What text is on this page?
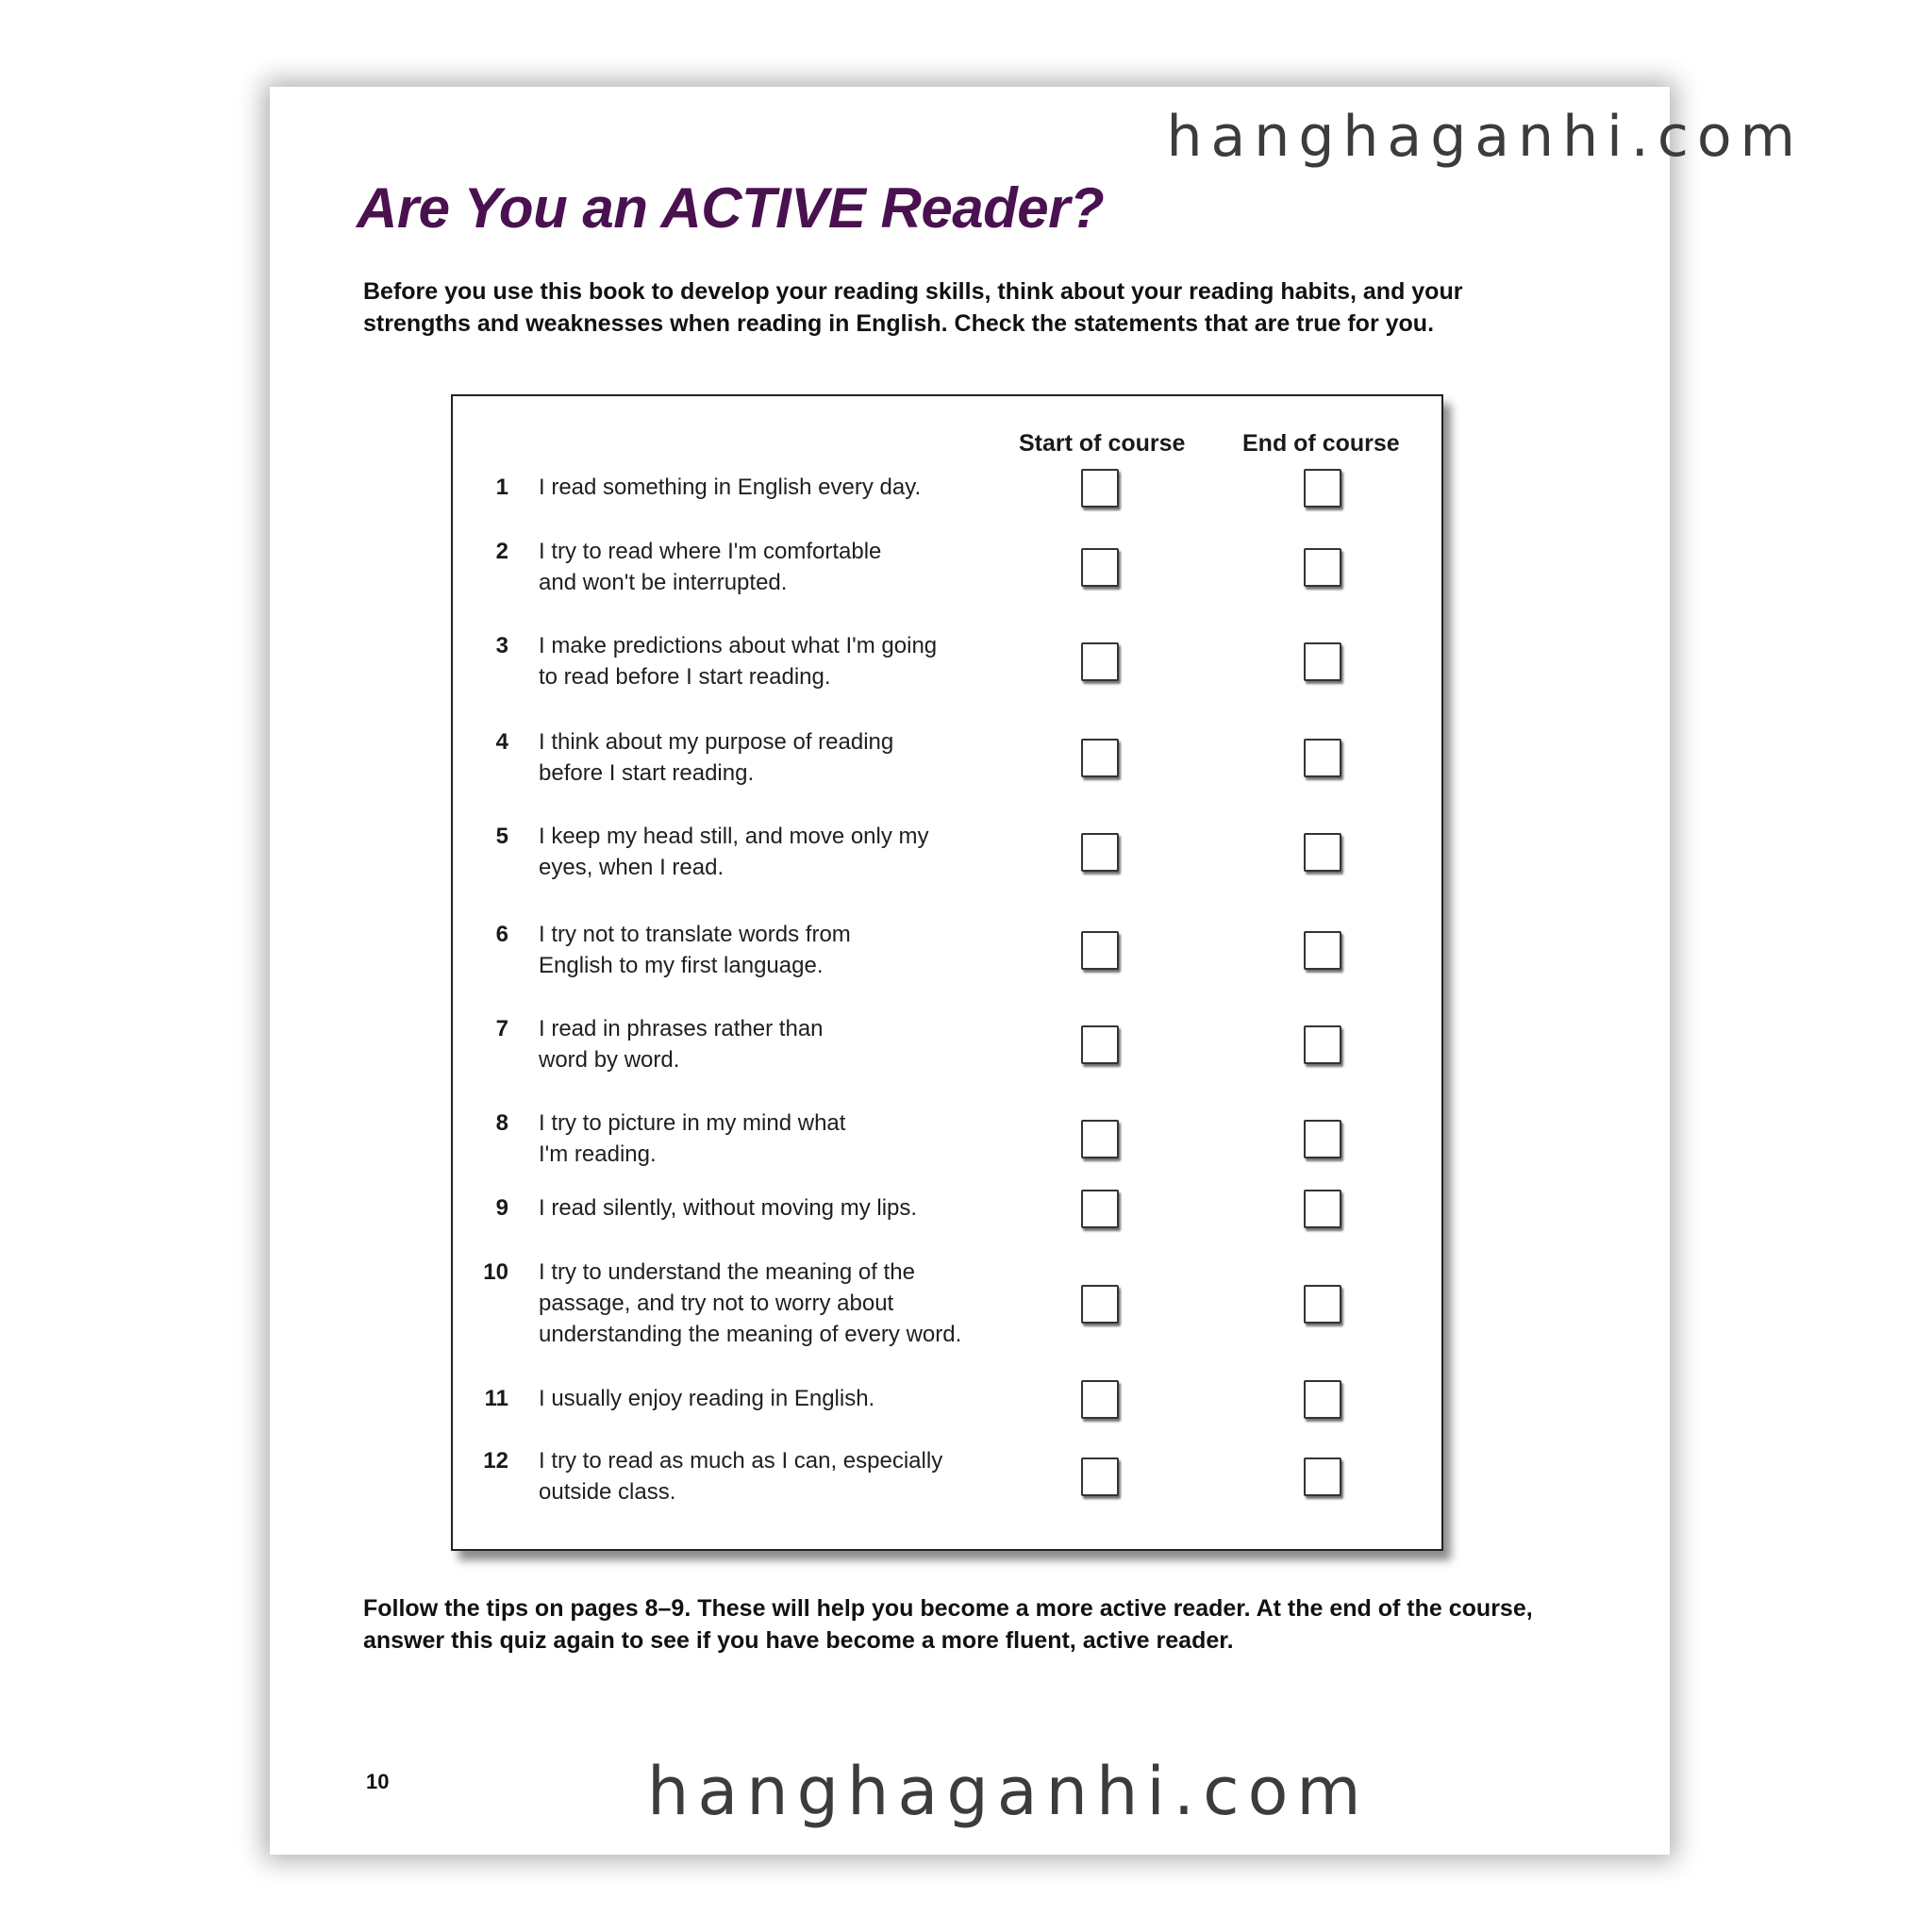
hanghaganhi.com
Are You an ACTIVE Reader?

Before you use this book to develop your reading skills, think about your reading habits, and your strengths and weaknesses when reading in English. Check the statements that are true for you.

Start of course End of course
1 I read something in English every day.
2 I try to read where I'm comfortable
and won't be interrupted.
3 I make predictions about what I'm going
to read before I start reading.
4 I think about my purpose of reading
before I start reading.
5 I keep my head still, and move only my
eyes, when I read.
6 I try not to translate words from
English to my first language.
7 I read in phrases rather than
word by word.
8 I try to picture in my mind what
I'm reading.
9 I read silently, without moving my lips.
10 I try to understand the meaning of the
passage, and try not to worry about
understanding the meaning of every word.
11 I usually enjoy reading in English.
12 I try to read as much as I can, especially
outside class.

Follow the tips on pages 8–9. These will help you become a more active reader. At the end of the course, answer this quiz again to see if you have become a more fluent, active reader.

10	hanghaganhi.com
